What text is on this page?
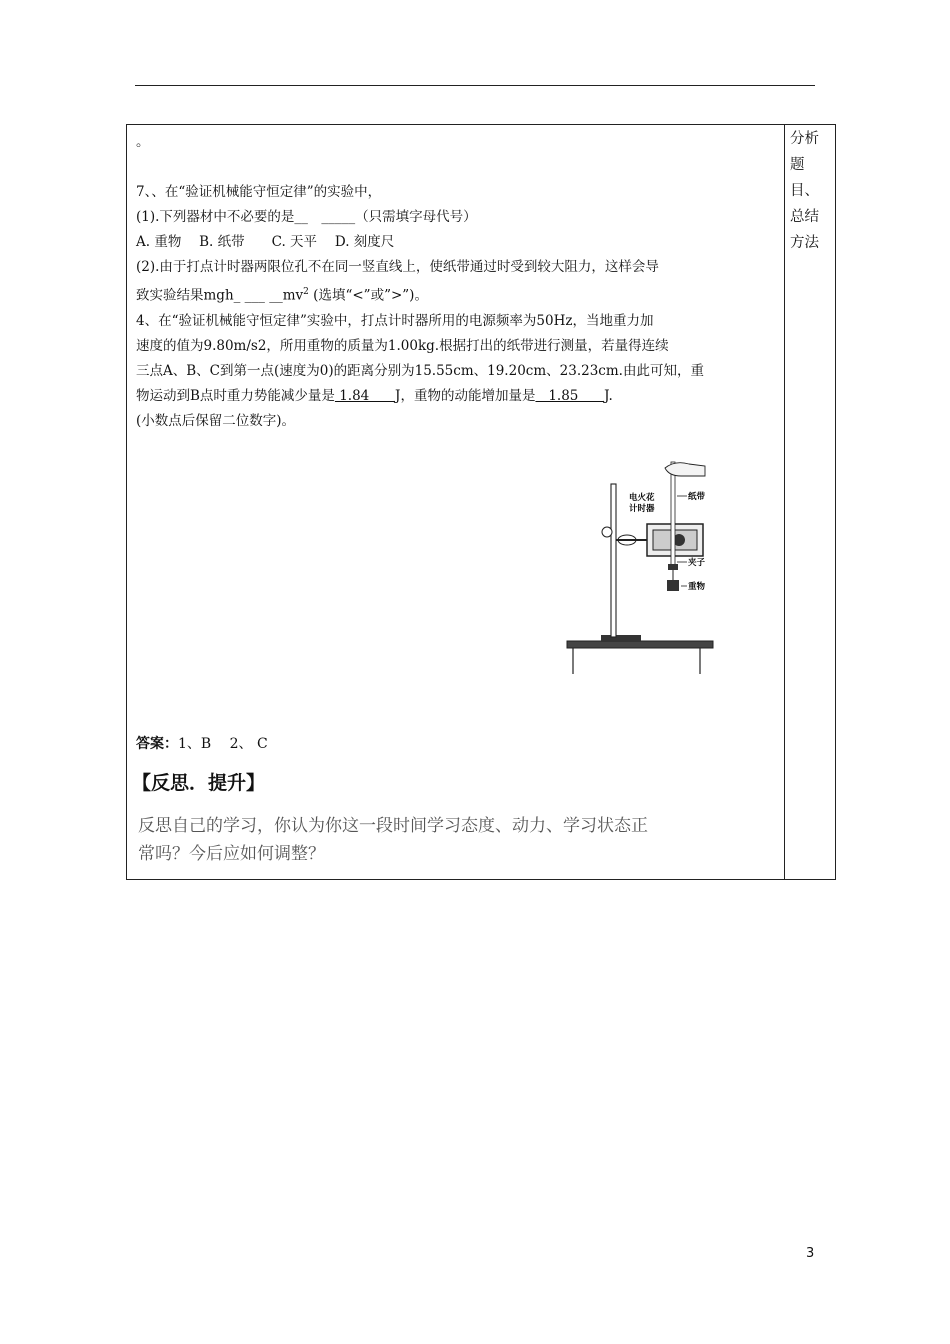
分析
题
目、
总结
方法

。

7、、在“验证机械能守恒定律”的实验中，

(1).下列器材中不必要的是__　_____（只需填字母代号）

A. 重物　 B. 纸带　　C. 天平　 D. 刻度尺

(2).由于打点计时器两限位孔不在同一竖直线上，使纸带通过时受到较大阻力，这样会导

致实验结果mgh_ ___ $\_\_mv^2$ (选填“<”或”>”)。

4、在“验证机械能守恒定律”实验中，打点计时器所用的电源频率为50Hz，当地重力加

速度的值为9.80m/s2，所用重物的质量为1.00kg.根据打出的纸带进行测量，若量得连续

三点A、B、C到第一点(速度为0)的距离分别为15.55cm、19.20cm、23.23cm.由此可知，重

物运动到B点时重力势能减少量是 1.84      J，重物的动能增加量是   1.85      J.

(小数点后保留二位数字)。

电火花
计时器
纸带
夹子
重物
答案：1、B　 2、 C
【反思．提升】

反思自己的学习，你认为你这一段时间学习态度、动力、学习状态正

常吗？今后应如何调整？

3
